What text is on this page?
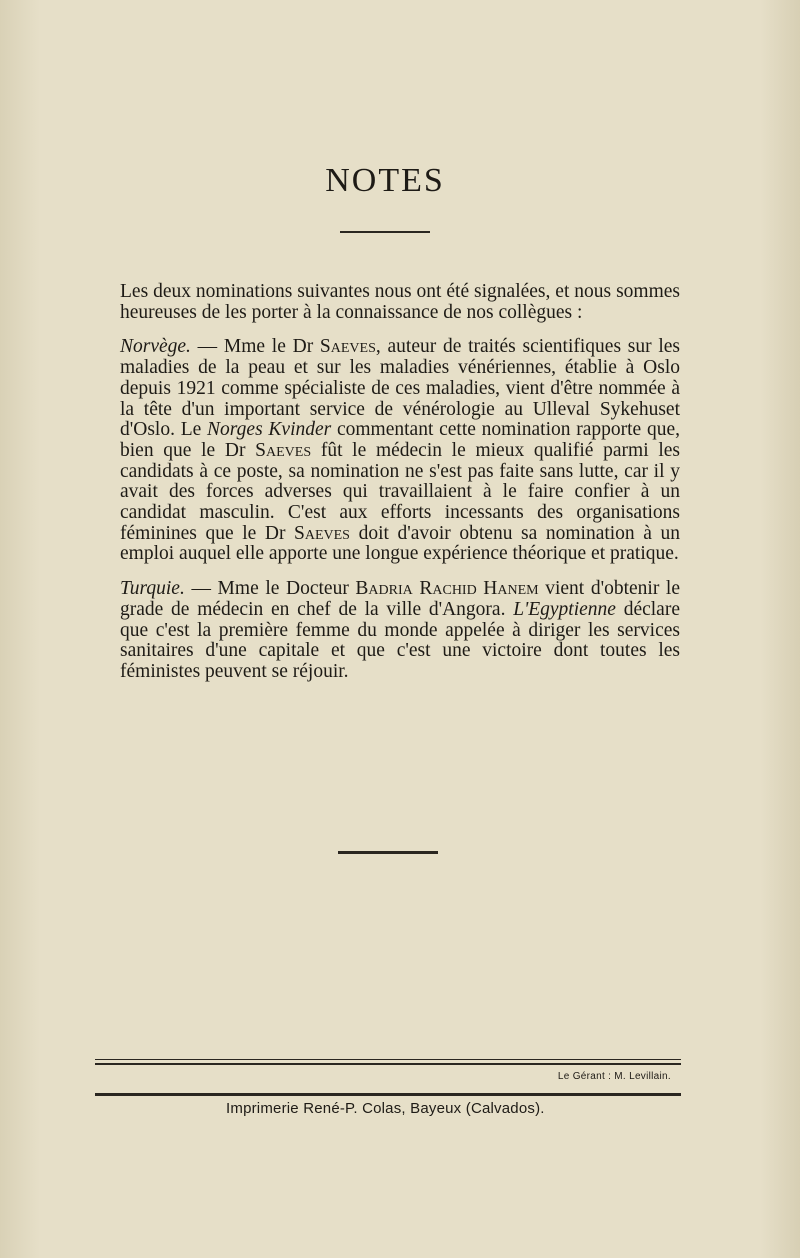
NOTES

Les deux nominations suivantes nous ont été signalées, et nous sommes heureuses de les porter à la connaissance de nos collègues :

Norvège. — Mme le Dr Saeves, auteur de traités scientifiques sur les maladies de la peau et sur les maladies vénériennes, établie à Oslo depuis 1921 comme spécialiste de ces maladies, vient d'être nommée à la tête d'un important service de vénérologie au Ulleval Sykehuset d'Oslo. Le Norges Kvinder commentant cette nomination rapporte que, bien que le Dr Saeves fût le médecin le mieux qualifié parmi les candidats à ce poste, sa nomination ne s'est pas faite sans lutte, car il y avait des forces adverses qui travaillaient à le faire confier à un candidat masculin. C'est aux efforts incessants des organisations féminines que le Dr Saeves doit d'avoir obtenu sa nomination à un emploi auquel elle apporte une longue expérience théorique et pratique.

Turquie. — Mme le Docteur Badria Rachid Hanem vient d'obtenir le grade de médecin en chef de la ville d'Angora. L'Egyptienne déclare que c'est la première femme du monde appelée à diriger les services sanitaires d'une capitale et que c'est une victoire dont toutes les féministes peuvent se réjouir.

Le Gérant : M. Levillain.
Imprimerie René-P. Colas, Bayeux (Calvados).
